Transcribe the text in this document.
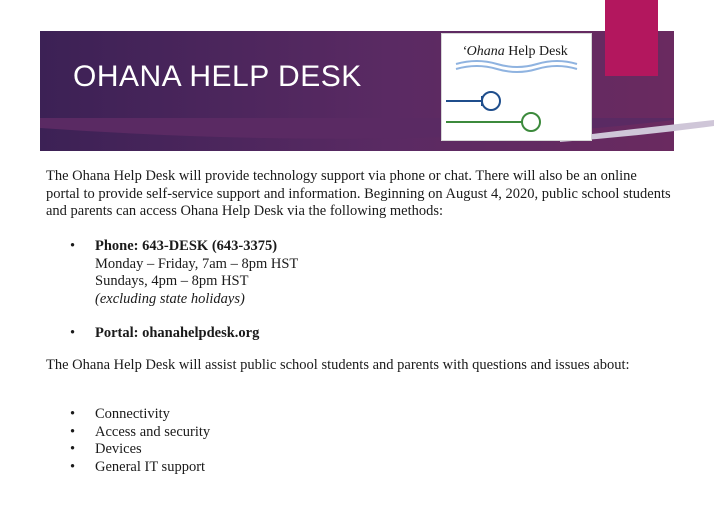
OHANA HELP DESK
‘Ohana Help Desk

The Ohana Help Desk will provide technology support via phone or chat. There will also be an online portal to provide self-service support and information. Beginning on August 4, 2020, public school students and parents can access Ohana Help Desk via the following methods:

• Phone: 643-DESK (643-3375)
Monday – Friday, 7am – 8pm HST
Sundays, 4pm – 8pm HST
(excluding state holidays)
• Portal: ohanahelpdesk.org

The Ohana Help Desk will assist public school students and parents with questions and issues about:

• Connectivity
• Access and security
• Devices
• General IT support
